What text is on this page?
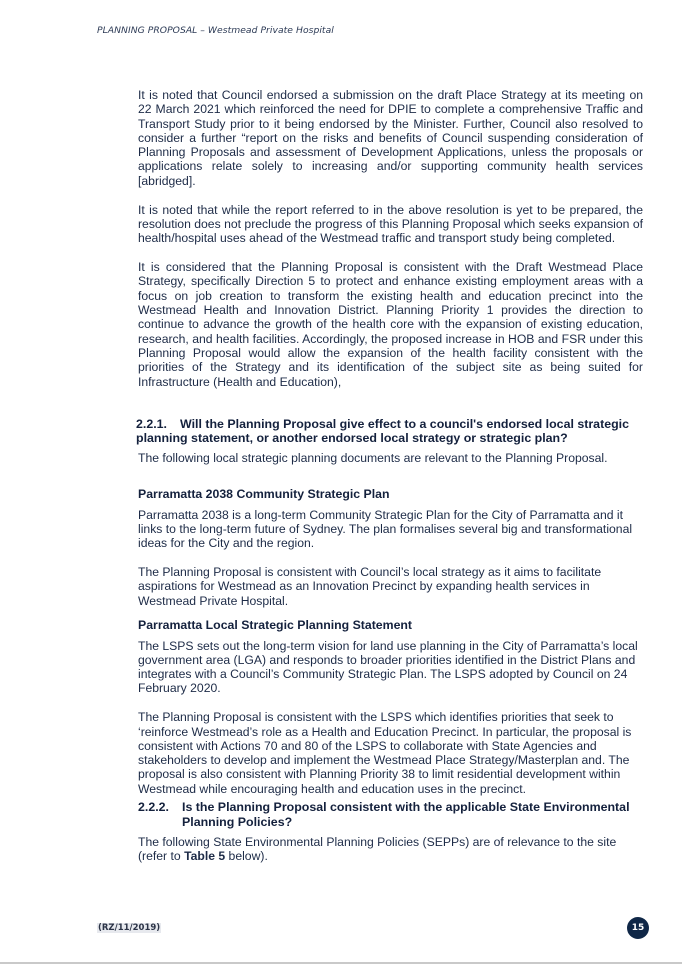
PLANNING PROPOSAL – Westmead Private Hospital

It is noted that Council endorsed a submission on the draft Place Strategy at its meeting on 22 March 2021 which reinforced the need for DPIE to complete a comprehensive Traffic and Transport Study prior to it being endorsed by the Minister. Further, Council also resolved to consider a further “report on the risks and benefits of Council suspending consideration of Planning Proposals and assessment of Development Applications, unless the proposals or applications relate solely to increasing and/or supporting community health services [abridged].

It is noted that while the report referred to in the above resolution is yet to be prepared, the resolution does not preclude the progress of this Planning Proposal which seeks expansion of health/hospital uses ahead of the Westmead traffic and transport study being completed.

It is considered that the Planning Proposal is consistent with the Draft Westmead Place Strategy, specifically Direction 5 to protect and enhance existing employment areas with a focus on job creation to transform the existing health and education precinct into the Westmead Health and Innovation District. Planning Priority 1 provides the direction to continue to advance the growth of the health core with the expansion of existing education, research, and health facilities. Accordingly, the proposed increase in HOB and FSR under this Planning Proposal would allow the expansion of the health facility consistent with the priorities of the Strategy and its identification of the subject site as being suited for Infrastructure (Health and Education),

2.2.1. Will the Planning Proposal give effect to a council's endorsed local strategic
planning statement, or another endorsed local strategy or strategic plan?

The following local strategic planning documents are relevant to the Planning Proposal.

Parramatta 2038 Community Strategic Plan

Parramatta 2038 is a long-term Community Strategic Plan for the City of Parramatta and it links to the long-term future of Sydney. The plan formalises several big and transformational ideas for the City and the region.

The Planning Proposal is consistent with Council’s local strategy as it aims to facilitate aspirations for Westmead as an Innovation Precinct by expanding health services in Westmead Private Hospital.

Parramatta Local Strategic Planning Statement

The LSPS sets out the long-term vision for land use planning in the City of Parramatta’s local government area (LGA) and responds to broader priorities identified in the District Plans and integrates with a Council’s Community Strategic Plan. The LSPS adopted by Council on 24 February 2020.

The Planning Proposal is consistent with the LSPS which identifies priorities that seek to ‘reinforce Westmead’s role as a Health and Education Precinct. In particular, the proposal is consistent with Actions 70 and 80 of the LSPS to collaborate with State Agencies and stakeholders to develop and implement the Westmead Place Strategy/Masterplan and. The proposal is also consistent with Planning Priority 38 to limit residential development within Westmead while encouraging health and education uses in the precinct.

2.2.2. Is the Planning Proposal consistent with the applicable State Environmental
Planning Policies?

The following State Environmental Planning Policies (SEPPs) are of relevance to the site (refer to Table 5 below).

(RZ/11/2019)	15
